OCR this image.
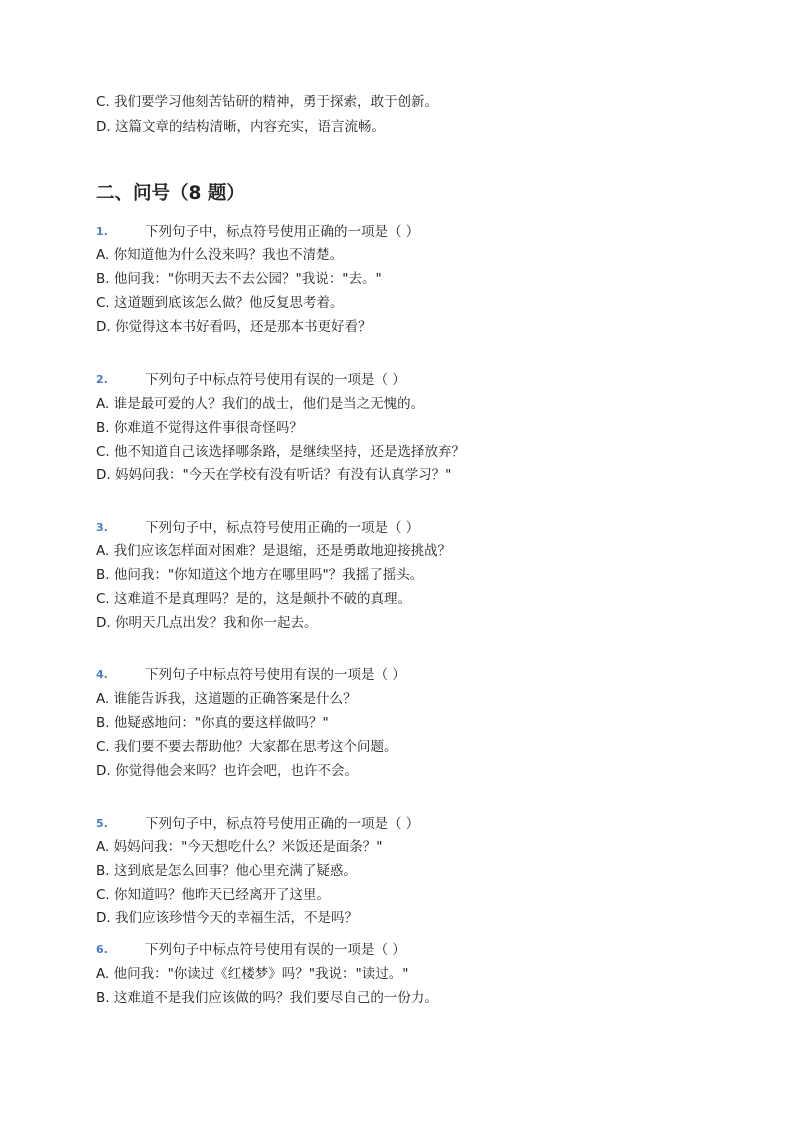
C. 我们要学习他刻苦钻研的精神，勇于探索，敢于创新。
D. 这篇文章的结构清晰，内容充实，语言流畅。
二、问号（8 题）
1.	下列句子中，标点符号使用正确的一项是（ ）
A. 你知道他为什么没来吗？我也不清楚。
B. 他问我："你明天去不去公园？"我说："去。"
C. 这道题到底该怎么做？他反复思考着。
D. 你觉得这本书好看吗，还是那本书更好看？
2.	下列句子中标点符号使用有误的一项是（ ）
A. 谁是最可爱的人？我们的战士，他们是当之无愧的。
B. 你难道不觉得这件事很奇怪吗？
C. 他不知道自己该选择哪条路，是继续坚持，还是选择放弃？
D. 妈妈问我："今天在学校有没有听话？有没有认真学习？"
3.	下列句子中，标点符号使用正确的一项是（ ）
A. 我们应该怎样面对困难？是退缩，还是勇敢地迎接挑战？
B. 他问我："你知道这个地方在哪里吗"？我摇了摇头。
C. 这难道不是真理吗？是的，这是颠扑不破的真理。
D. 你明天几点出发？我和你一起去。
4.	下列句子中标点符号使用有误的一项是（ ）
A. 谁能告诉我，这道题的正确答案是什么？
B. 他疑惑地问："你真的要这样做吗？"
C. 我们要不要去帮助他？大家都在思考这个问题。
D. 你觉得他会来吗？也许会吧，也许不会。
5.	下列句子中，标点符号使用正确的一项是（ ）
A. 妈妈问我："今天想吃什么？米饭还是面条？"
B. 这到底是怎么回事？他心里充满了疑惑。
C. 你知道吗？他昨天已经离开了这里。
D. 我们应该珍惜今天的幸福生活，不是吗？
6.	下列句子中标点符号使用有误的一项是（ ）
A. 他问我："你读过《红楼梦》吗？"我说："读过。"
B. 这难道不是我们应该做的吗？我们要尽自己的一份力。
